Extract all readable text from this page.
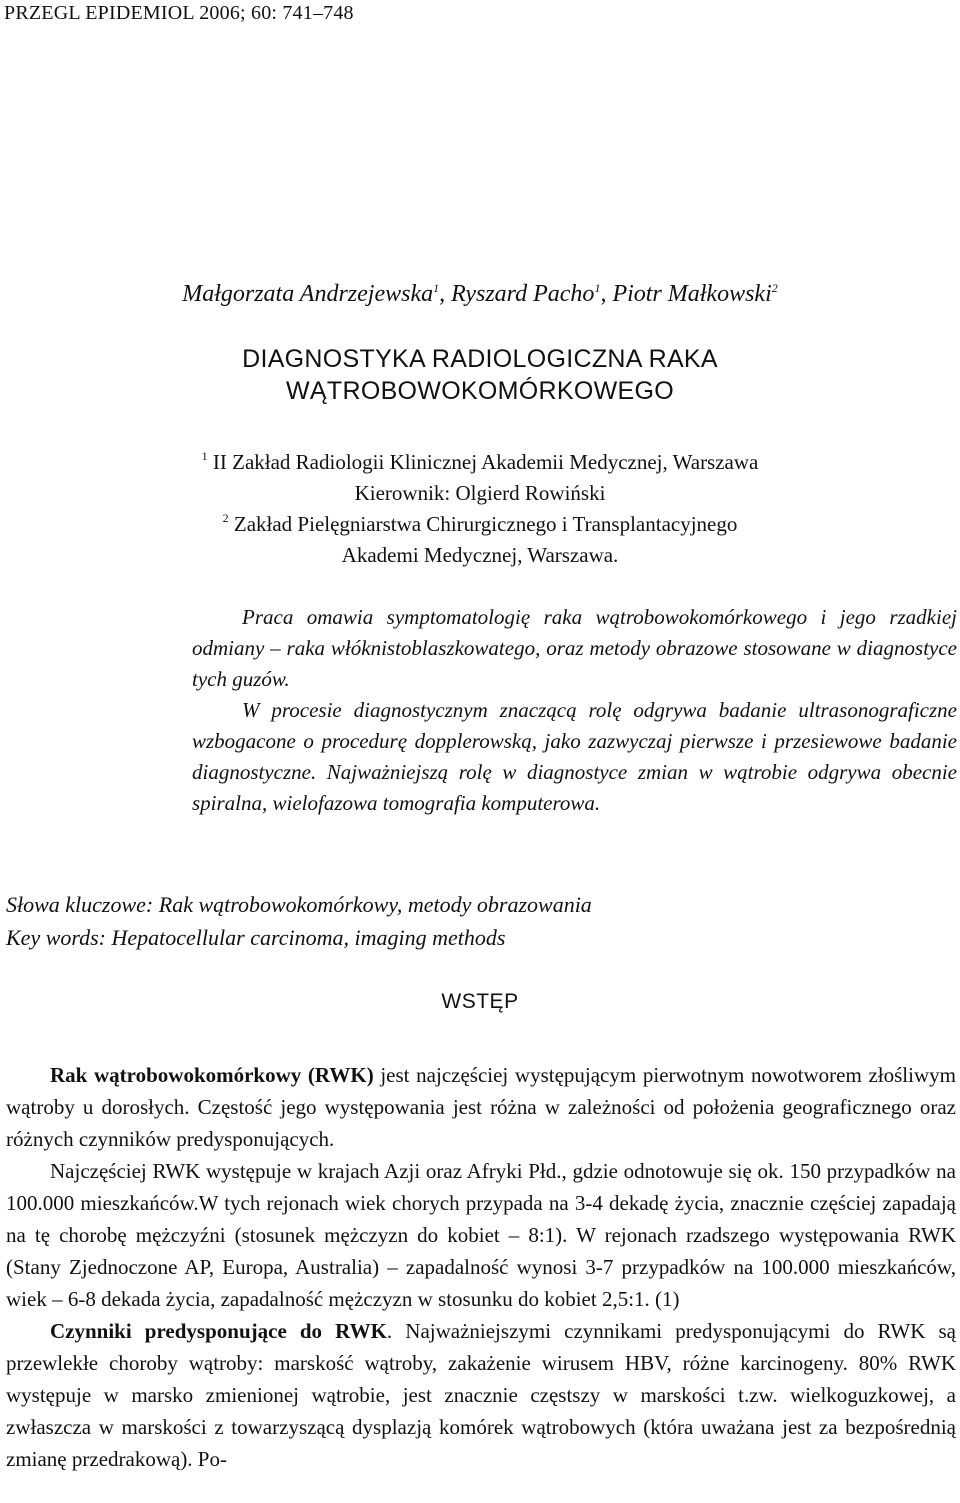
PRZEGL EPIDEMIOL 2006; 60: 741–748
Małgorzata Andrzejewska$^1$, Ryszard Pacho$^1$, Piotr Małkowski$^2$
DIAGNOSTYKA RADIOLOGICZNA RAKA
WĄTROBOWOKOMÓRKOWEGO
$^1$ II Zakład Radiologii Klinicznej Akademii Medycznej, Warszawa
Kierownik: Olgierd Rowiński
$^2$ Zakład Pielęgniarstwa Chirurgicznego i Transplantacyjnego
Akademi Medycznej, Warszawa.

Praca omawia symptomatologię raka wątrobowokomórkowego i jego rzadkiej odmiany – raka włóknistoblaszkowatego, oraz metody obrazowe stosowane w diagnostyce tych guzów.

W procesie diagnostycznym znaczącą rolę odgrywa badanie ultrasonograficzne wzbogacone o procedurę dopplerowską, jako zazwyczaj pierwsze i przesiewowe badanie diagnostyczne. Najważniejszą rolę w diagnostyce zmian w wątrobie odgrywa obecnie spiralna, wielofazowa tomografia komputerowa.

Słowa kluczowe: Rak wątrobowokomórkowy, metody obrazowania
Key words: Hepatocellular carcinoma, imaging methods
WSTĘP

Rak wątrobowokomórkowy (RWK) jest najczęściej występującym pierwotnym nowotworem złośliwym wątroby u dorosłych. Częstość jego występowania jest różna w zależności od położenia geograficznego oraz różnych czynników predysponujących.

Najczęściej RWK występuje w krajach Azji oraz Afryki Płd., gdzie odnotowuje się ok. 150 przypadków na 100.000 mieszkańców.W tych rejonach wiek chorych przypada na 3-4 dekadę życia, znacznie częściej zapadają na tę chorobę mężczyźni (stosunek mężczyzn do kobiet – 8:1). W rejonach rzadszego występowania RWK (Stany Zjednoczone AP, Europa, Australia) – zapadalność wynosi 3-7 przypadków na 100.000 mieszkańców, wiek – 6-8 dekada życia, zapadalność mężczyzn w stosunku do kobiet 2,5:1. (1)

Czynniki predysponujące do RWK. Najważniejszymi czynnikami predysponującymi do RWK są przewlekłe choroby wątroby: marskość wątroby, zakażenie wirusem HBV, różne karcinogeny. 80% RWK występuje w marsko zmienionej wątrobie, jest znacznie częstszy w marskości t.zw. wielkoguzkowej, a zwłaszcza w marskości z towarzyszącą dysplazją komórek wątrobowych (która uważana jest za bezpośrednią zmianę przedrakową). Po-
